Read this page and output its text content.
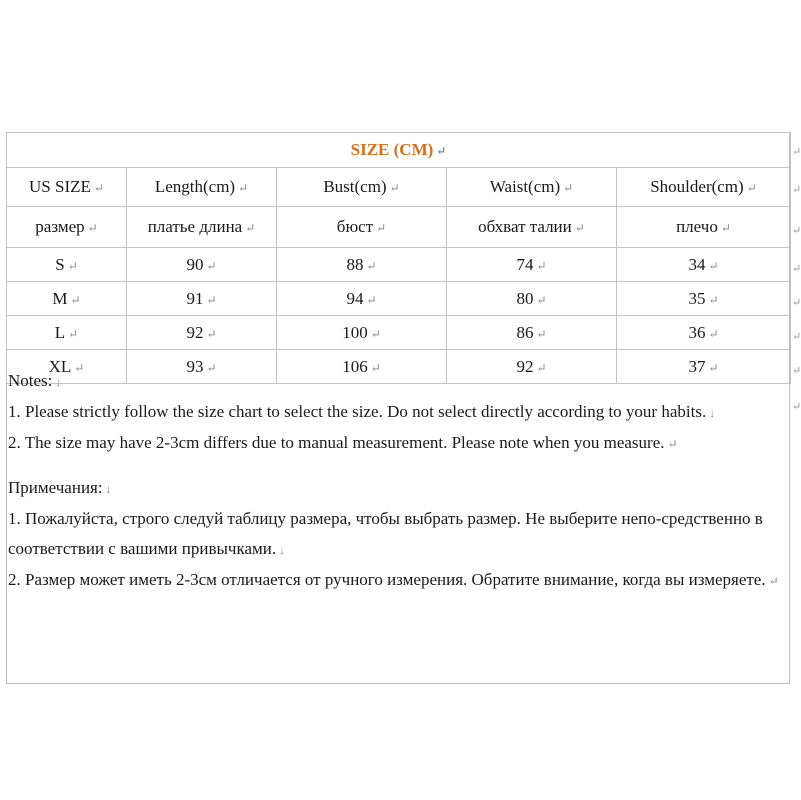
SIZE (CM) ↵				
US SIZE ↵	Length(cm) ↵	Bust(cm) ↵	Waist(cm) ↵	Shoulder(cm) ↵
размер ↵	платье длина ↵	бюст ↵	обхват талии ↵	плечо ↵
S ↵	90 ↵	88 ↵	74 ↵	34 ↵
M ↵	91 ↵	94 ↵	80 ↵	35 ↵
L ↵	92 ↵	100 ↵	86 ↵	36 ↵
XL ↵	93 ↵	106 ↵	92 ↵	37 ↵

Notes: ↓

1. Please strictly follow the size chart to select the size. Do not select directly according to your habits. ↓

2. The size may have 2-3cm differs due to manual measurement. Please note when you measure. ↵

Примечания: ↓

1. Пожалуйста, строго следуй таблицу размера, чтобы выбрать размер. Не выберите непо-средственно в соответствии с вашими привычками. ↓

2. Размер может иметь 2-3см отличается от ручного измерения. Обратите внимание, когда вы измеряете. ↵

↵
↵
↵
↵
↵
↵
↵
↵
